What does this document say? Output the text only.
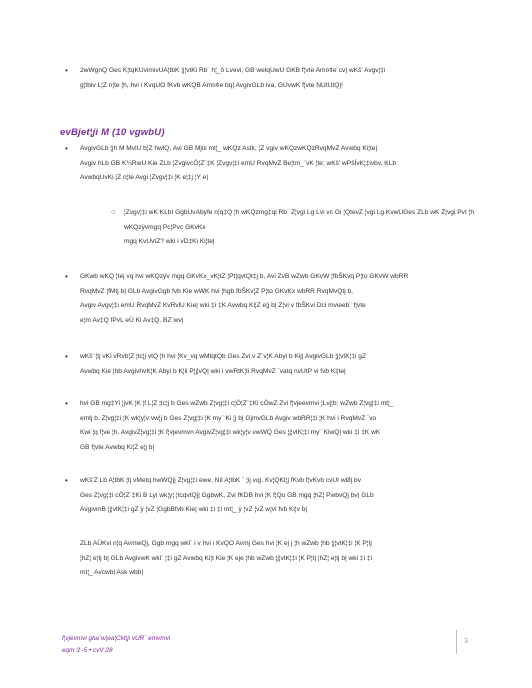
• 2wWgnQ Ges K¦tqKUvimivUA¦tbK ¦j¦vtKi Rb¨ h¦_ô Lvevi, GB welqUwU GKB f¦vte Am¤¢e¨cv| wKš' Avgv¦‡i
g¦tbiv L¦Z n¦te ¦h, hvi i KvqUO fKvb wKQB Am¤¢e bq| AvgivGLb iva, GUvwK f¦vte NUtUtQ|!
evBjet¦ji M (10 vgwbU)
• AvgivGLb ¦jh M MvlU b¦Z hwlQ, Avi GB Mjtii mt¦_ wKQz Astk, ¦Z vgiv wKQzwKQzRvqMvZ Avwbq Ki¦te|
Avgiv hLb GB K¼RwU Kie ZLb ¦ZvgivcÖ¦Z¨‡K ¦Zvgv¦‡i emU RvqMvZ Be¦tm_¨vK ¦te; wKš' wPšÍvK¦‡ivbv, KLb
AvwbqUvKi ¦Z n¦te Avgi ¦Zvgv¦‡i ¦K e¦‡j ¦Y e|
○ ¦Zvgv¦‡i wK KLbI GgbUvAbyfe n¦q‡Q ¦h wKQzmg‡qi Rb¨ Z¦vgi Lg Lvi vc Gi ¦QtevZ ¦vgi Lg KvwUGes ZLb wK Z¦vgi PvI ¦h wKQzÿvmgq Pc¦Pvc GKvKx
mgq KvUvtZ? wki i vD‡Ki Ki¦te|
• GKwb wKQ ¦tej vq hvi wKQzÿv mgq GKvKx_vK¦tZ ¦Pt¦qvtQt‡j b, Avi ZvB wZwb GKvW ¦fbŠKvq P¦to GKvW wbRR
RvqMvZ ¦fMtj b| GLb AvgivGgb fvb Kie wWK hvi ¦hgb fbŠKv¦Z P¦to GKvKx wbRR RvqMvQtj b,
Avgiv Avgv¦‡i emU RvqMvZ KvRvlU Kie| wki ‡i ‡K Avwbq Ki¦Z e¦j b| Z¦vi v fbŠKvi Dci mvieeb¨ f¦vte
e¦m Av‡Q fPvL eÜ Ki Av‡Q, BZ¨wv|
• wKš' ¦tj vKi vRvb¦Z ¦tc¦j vtQ ¦h hvi ¦Kv_vq wMtqtQb Ges Zvi v Z¨v¦K Abyi b Kij| AvgivGLb ¦j¦vtK¦‡i gZ
Avwbq Kie ¦hb AvgivhvK¦K Abyi b K¦ii P¦j¦vQ| wki i vwRtK¦Ii RvqMvZ ¨vatq nvUtP vi fvb Ki¦te|
• hvi GB mg‡Yi ¦jvK ¦K ¦f L¦Z ¦tc¦j b Ges wZwb Z¦vg¦‡i c¦Ö¦Z¨‡Ki cÖwZ Zvi f¦vjeevmvi ¦Lvj¦b; wZwb Z¦vg¦‡i mt¦_
emtj b, Z¦vg¦‡i ¦K wk¦y¦v vw¦j b Ges Z¦vg¦‡i ¦K my¨ Ki ¦j b| GjmvGLb Avgiv wbRR¦‡i ¦K hvi i RvqMvZ ¨vo
Kwi ¦q f¦ve ¦h, AvgivZ¦vg¦‡i ¦K f¦vjevmvn AvgivZ¦vg¦‡i wk¦y¦v vwWQ Ges ¦j¦vtK¦‡i my¨ KiwQ| wki ‡i ‡K wK
GB f¦vte Avwbq Ki¦Z e¦j b|
• wKš'Z Lb A¦tbK ¦tj vMetq hwWQj| Z¦vg¦‡i ewe, NiI A¦tbK ¨ ¦ij vq|, Kv¦QKt¦j fKvb f¦vKvb cvUI wØj bv
Ges Z¦vg¦‡i cÖ¦Z¨‡Ki B Lyi wk¦y¦ ¦tcqvtQj| GgbwK, Zvi fKDB hvi ¦K f¦Qo GB mgq ¦hZ¦ PwbvQj bv| GLb
AvgivmB ¦j¦vtK¦‡i gZ ÿ ¦vZ ¦GgbBfvb Kie| wki ‡i ‡i mt¦_ ÿ ¦vZ ¦vZ w¦vi fvb Ki¦v b|
ZLb AÜKvi n¦q AvmwQj, Ggb mgq wkl¨ i v hvi i KvQO Avmj Ges hvi ¦K ej j ¦h wZwb ¦hb ¦j¦vtK¦‡i ¦K P¦tj
¦hZ¦ e¦tj b| GLb AvgivwK wkl¨ ¦‡i gZ Avwbq Ki¦t Kie ¦K eje ¦hb wZwb ¦j¦vtK¦‡i ¦K P¦tj ¦hZ¦ e¦tj b| wki ‡i ‡i
mt¦_ Avcwbl Ask wbb|
f¦vjevmvi gtia¨w¦ea¦Ckt¦ji vUR¨ emvmvi
eqm 3 -5 • cvV 28
3
